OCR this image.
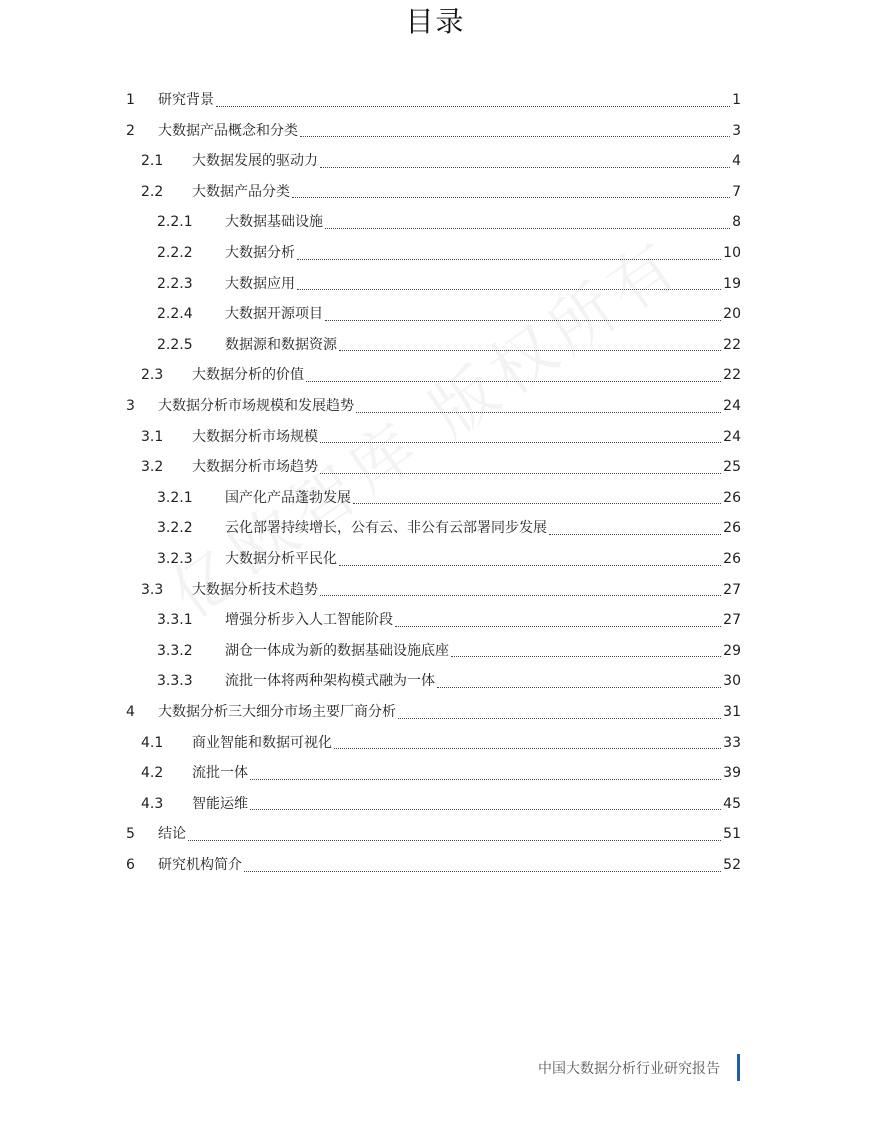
目录
1	研究背景	1
2	大数据产品概念和分类	3
2.1	大数据发展的驱动力	4
2.2	大数据产品分类	7
2.2.1	大数据基础设施	8
2.2.2	大数据分析	10
2.2.3	大数据应用	19
2.2.4	大数据开源项目	20
2.2.5	数据源和数据资源	22
2.3	大数据分析的价值	22
3	大数据分析市场规模和发展趋势	24
3.1	大数据分析市场规模	24
3.2	大数据分析市场趋势	25
3.2.1	国产化产品蓬勃发展	26
3.2.2	云化部署持续增长，公有云、非公有云部署同步发展	26
3.2.3	大数据分析平民化	26
3.3	大数据分析技术趋势	27
3.3.1	增强分析步入人工智能阶段	27
3.3.2	湖仓一体成为新的数据基础设施底座	29
3.3.3	流批一体将两种架构模式融为一体	30
4	大数据分析三大细分市场主要厂商分析	31
4.1	商业智能和数据可视化	33
4.2	流批一体	39
4.3	智能运维	45
5	结论	51
6	研究机构简介	52
中国大数据分析行业研究报告
